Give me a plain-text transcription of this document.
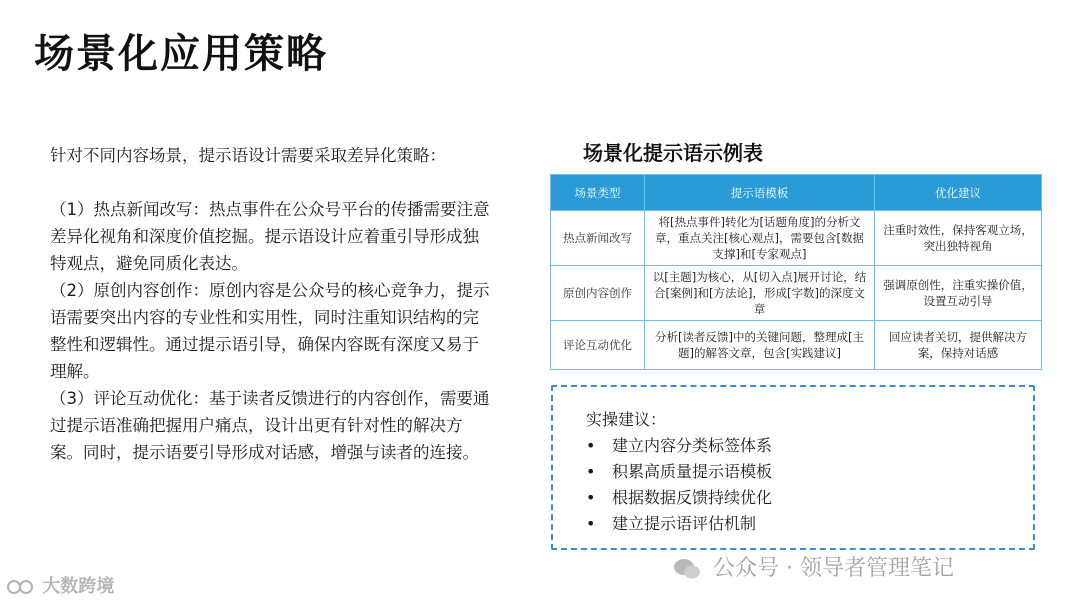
场景化应用策略

针对不同内容场景，提示语设计需要采取差异化策略：

（1）热点新闻改写：热点事件在公众号平台的传播需要注意差异化视角和深度价值挖掘。提示语设计应着重引导形成独特观点，避免同质化表达。

（2）原创内容创作：原创内容是公众号的核心竞争力，提示语需要突出内容的专业性和实用性，同时注重知识结构的完整性和逻辑性。通过提示语引导，确保内容既有深度又易于理解。

（3）评论互动优化：基于读者反馈进行的内容创作，需要通过提示语准确把握用户痛点，设计出更有针对性的解决方案。同时，提示语要引导形成对话感，增强与读者的连接。

场景化提示语示例表
场景类型	提示语模板	优化建议
热点新闻改写	将[热点事件]转化为[话题角度]的分析文章，重点关注[核心观点]，需要包含[数据支撑]和[专家观点]	注重时效性，保持客观立场，突出独特视角
原创内容创作	以[主题]为核心，从[切入点]展开讨论，结合[案例]和[方法论]，形成[字数]的深度文章	强调原创性，注重实操价值，设置互动引导
评论互动优化	分析[读者反馈]中的关键问题，整理成[主题]的解答文章，包含[实践建议]	回应读者关切，提供解决方案，保持对话感
实操建议：
• 建立内容分类标签体系
• 积累高质量提示语模板
• 根据数据反馈持续优化
• 建立提示语评估机制
大数跨境
公众号 · 领导者管理笔记
